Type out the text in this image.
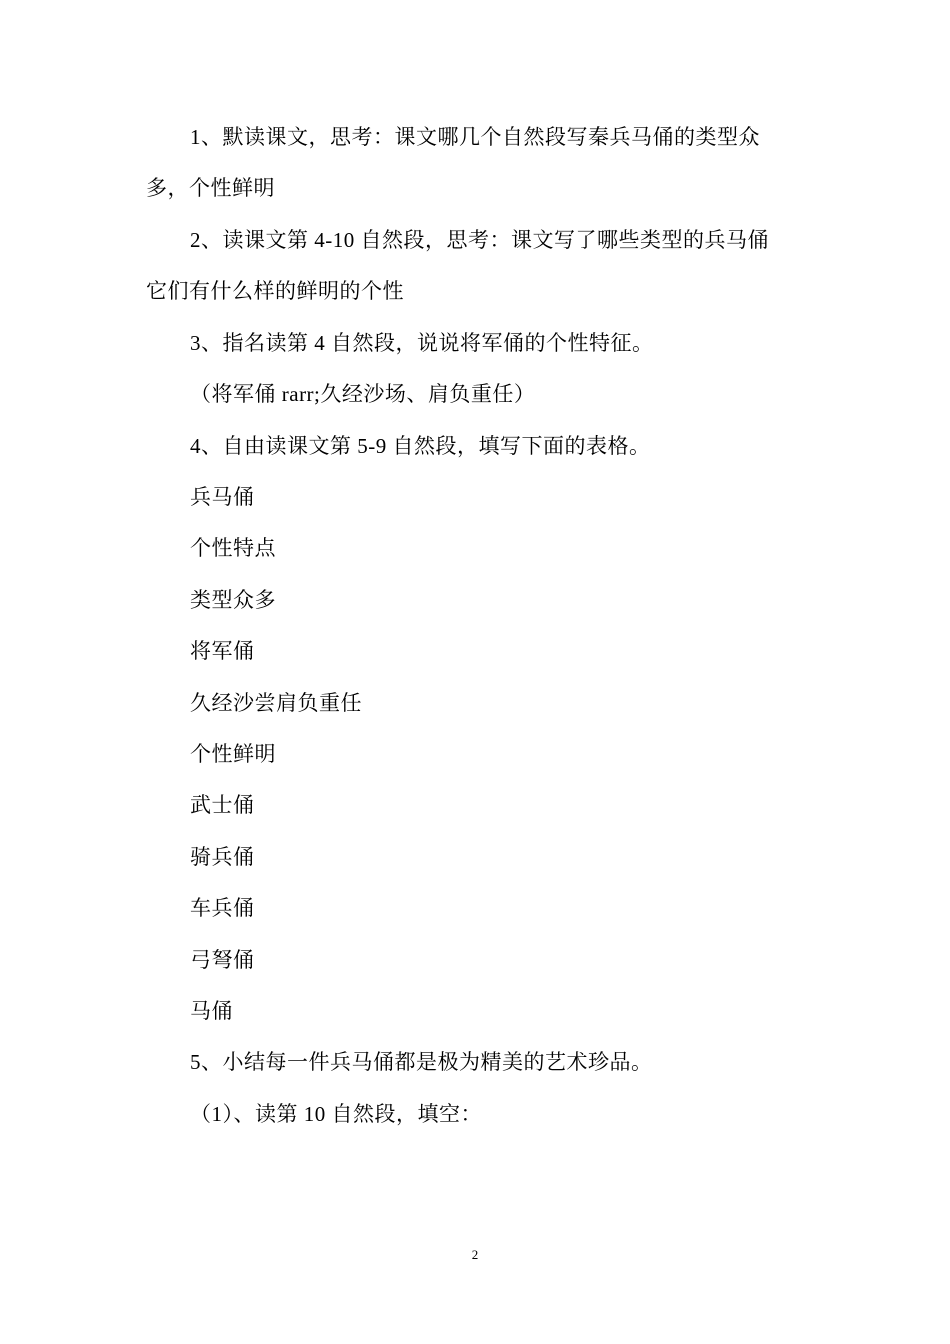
1、默读课文，思考：课文哪几个自然段写秦兵马俑的类型众
多，个性鲜明
2、读课文第 4-10 自然段，思考：课文写了哪些类型的兵马俑
它们有什么样的鲜明的个性
3、指名读第 4 自然段，说说将军俑的个性特征。
（将军俑 rarr;久经沙场、肩负重任）
4、自由读课文第 5-9 自然段，填写下面的表格。
兵马俑
个性特点
类型众多
将军俑
久经沙尝肩负重任
个性鲜明
武士俑
骑兵俑
车兵俑
弓弩俑
马俑
5、小结每一件兵马俑都是极为精美的艺术珍品。
（1）、读第 10 自然段，填空：
2
